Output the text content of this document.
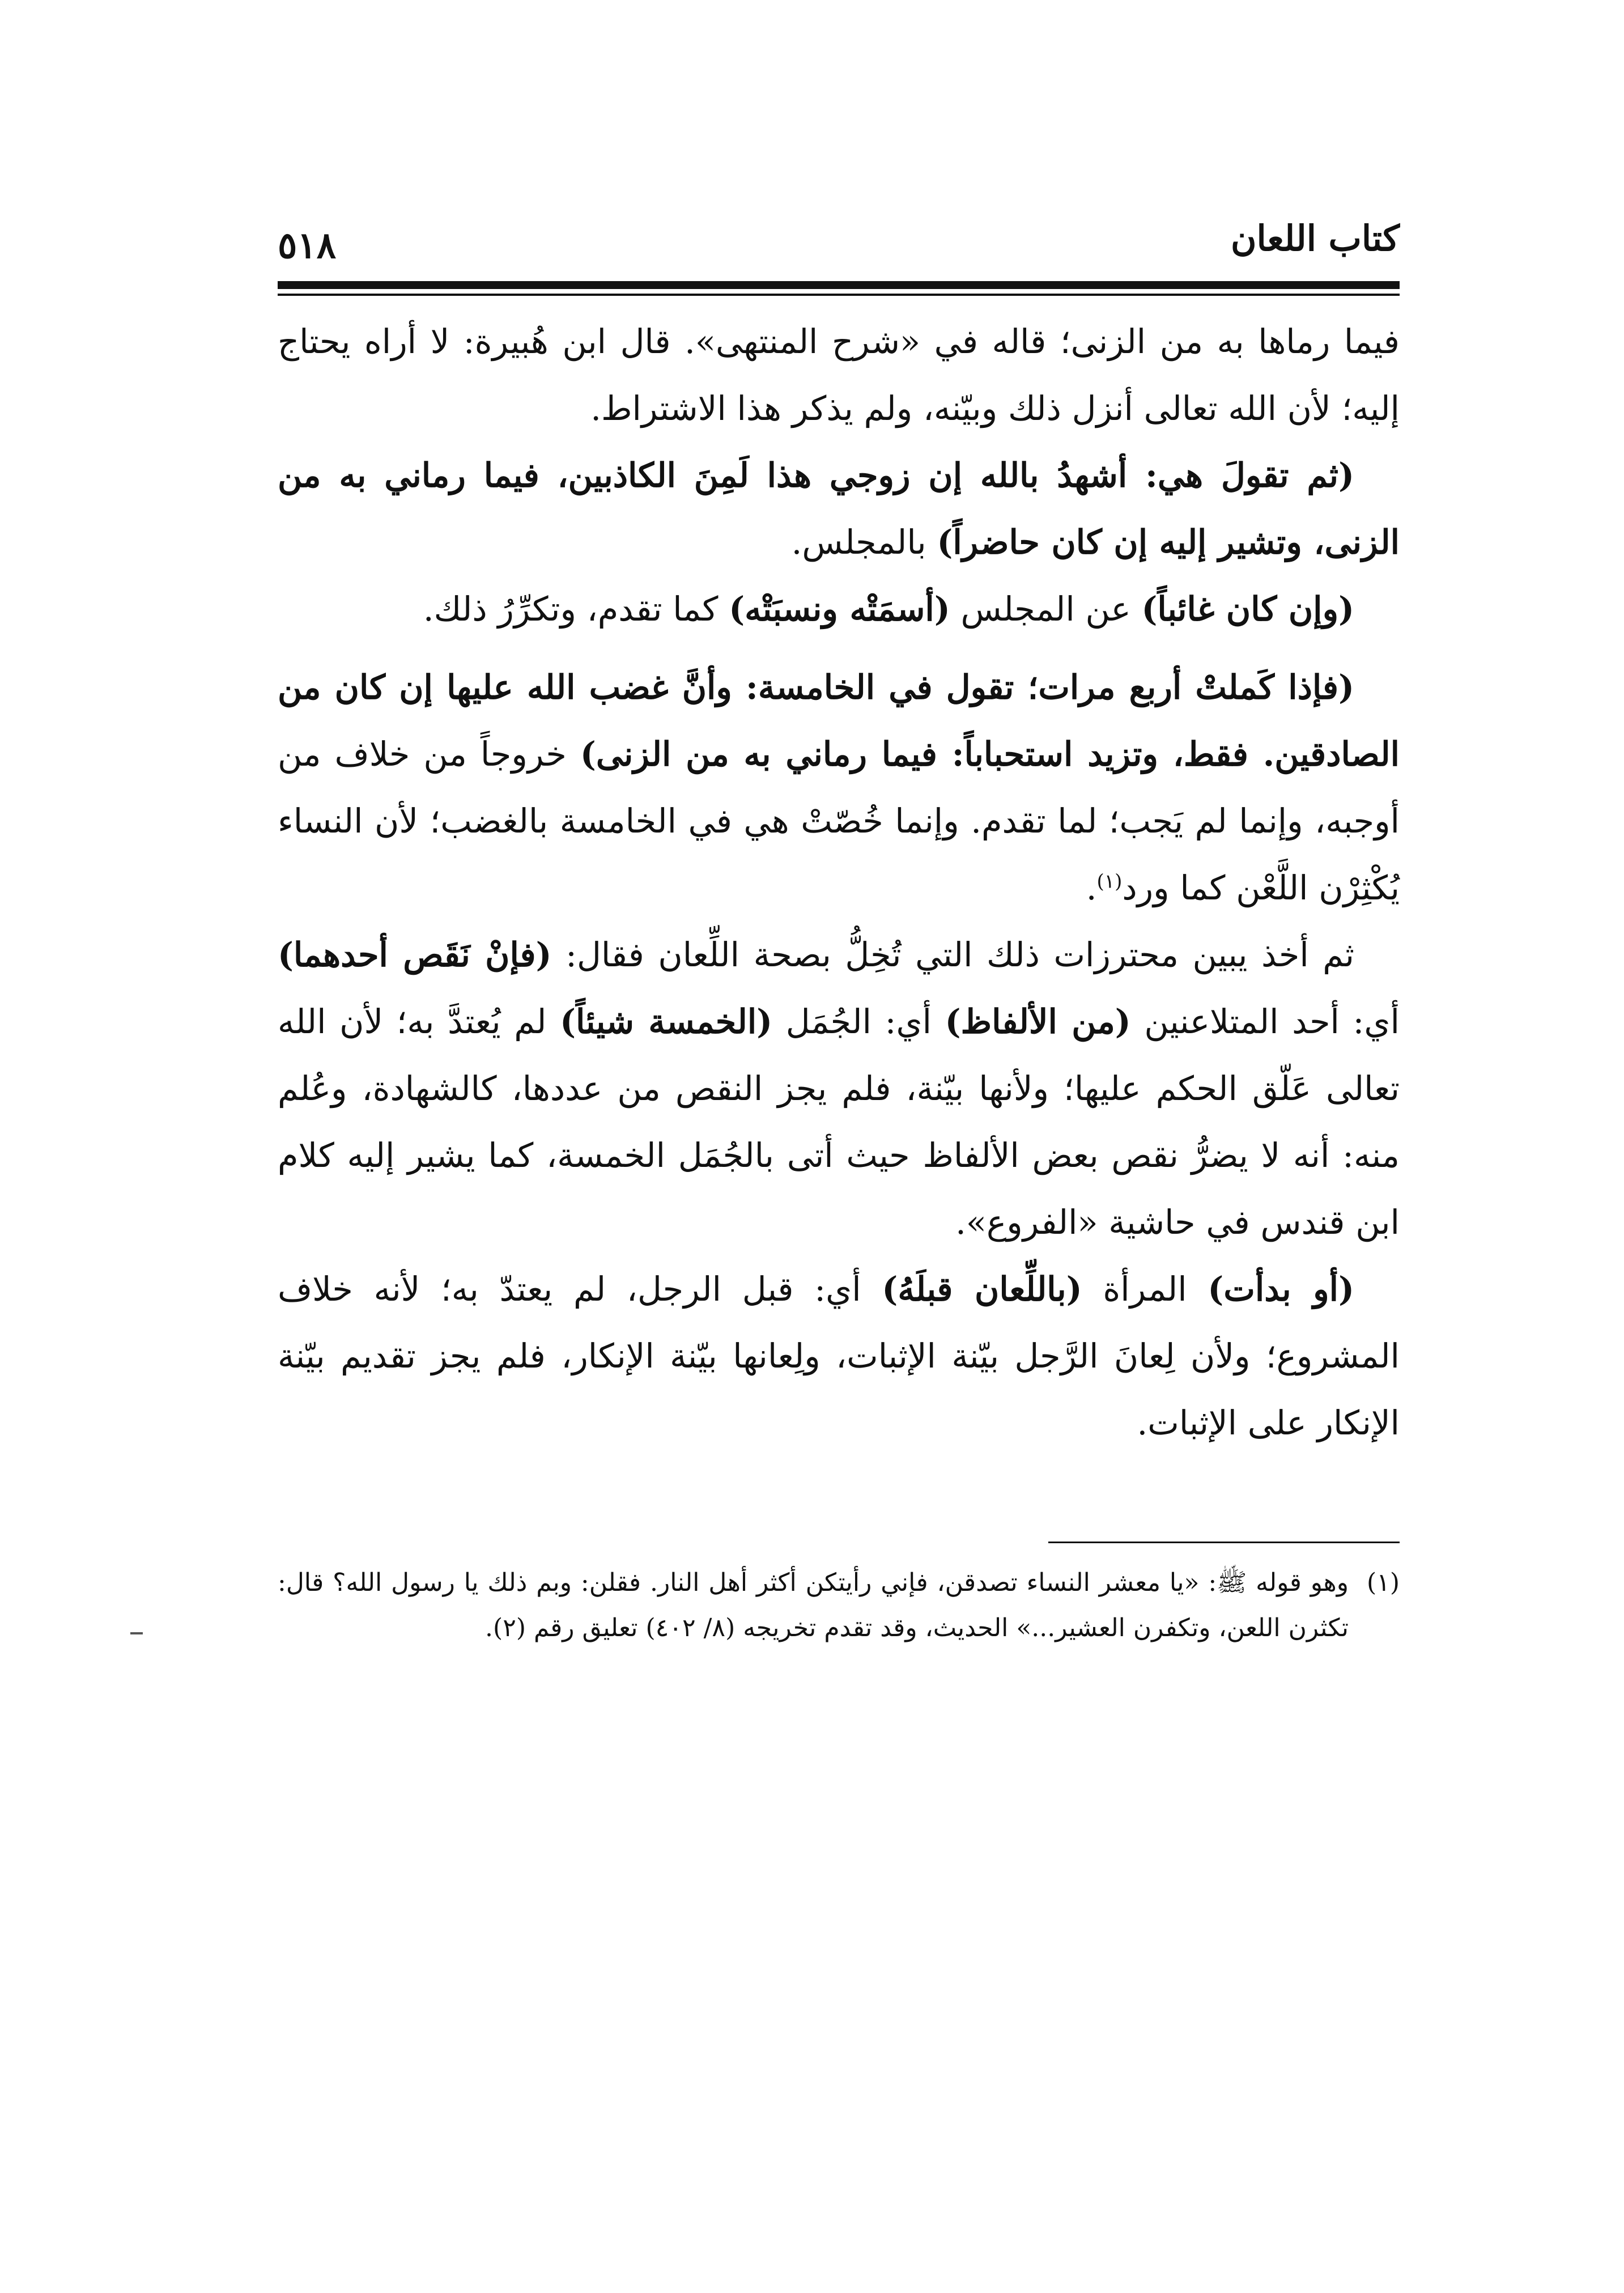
كتاب اللعان
٥١٨

فيما رماها به من الزنى؛ قاله في «شرح المنتهى». قال ابن هُبيرة: لا أراه يحتاج إليه؛ لأن الله تعالى أنزل ذلك وبيّنه، ولم يذكر هذا الاشتراط.

(ثم تقولَ هي: أشهدُ بالله إن زوجي هذا لَمِنَ الكاذبين، فيما رماني به من الزنى، وتشير إليه إن كان حاضراً) بالمجلس.

(وإن كان غائباً) عن المجلس (أسمَتْه ونسبَتْه) كما تقدم، وتكرِّرُ ذلك.

(فإذا كَملتْ أربع مرات؛ تقول في الخامسة: وأنَّ غضب الله عليها إن كان من الصادقين. فقط، وتزيد استحباباً: فيما رماني به من الزنى) خروجاً من خلاف من أوجبه، وإنما لم يَجب؛ لما تقدم. وإنما خُصّتْ هي في الخامسة بالغضب؛ لأن النساء يُكْثِرْن اللَّعْن كما ورد$^{(١)}$.

ثم أخذ يبين محترزات ذلك التي تُخِلُّ بصحة اللِّعان فقال: (فإنْ نَقَص أحدهما) أي: أحد المتلاعنين (من الألفاظ) أي: الجُمَل (الخمسة شيئاً) لم يُعتدَّ به؛ لأن الله تعالى عَلّق الحكم عليها؛ ولأنها بيّنة، فلم يجز النقص من عددها، كالشهادة، وعُلم منه: أنه لا يضرُّ نقص بعض الألفاظ حيث أتى بالجُمَل الخمسة، كما يشير إليه كلام ابن قندس في حاشية «الفروع».

(أو بدأت) المرأة (باللِّعان قبلَهُ) أي: قبل الرجل، لم يعتدّ به؛ لأنه خلاف المشروع؛ ولأن لِعانَ الرَّجل بيّنة الإثبات، ولِعانها بيّنة الإنكار، فلم يجز تقديم بيّنة الإنكار على الإثبات.

(١)
وهو قوله ﷺ: «يا معشر النساء تصدقن، فإني رأيتكن أكثر أهل النار. فقلن: وبم ذلك يا رسول الله؟ قال: تكثرن اللعن، وتكفرن العشير...» الحديث، وقد تقدم تخريجه (٨/ ٤٠٢) تعليق رقم (٢).
